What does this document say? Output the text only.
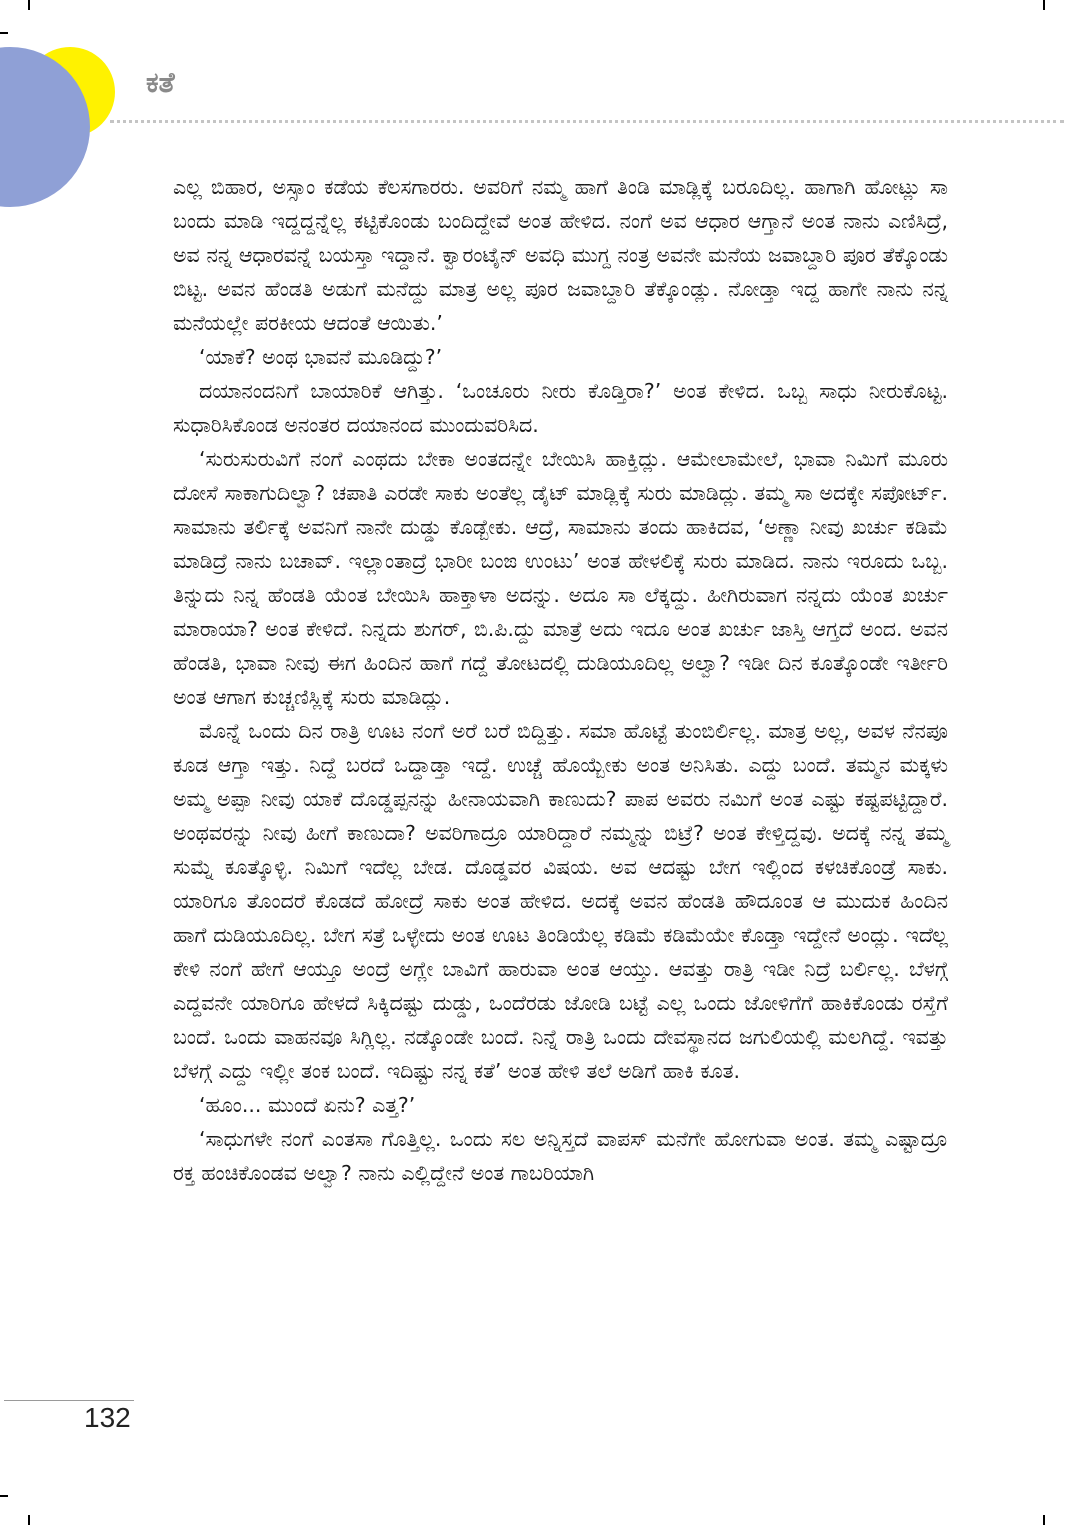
ಕತೆ

ಎಲ್ಲ ಬಿಹಾರ, ಅಸ್ಸಾಂ ಕಡೆಯ ಕೆಲಸಗಾರರು. ಅವರಿಗೆ ನಮ್ಮ ಹಾಗೆ ತಿಂಡಿ ಮಾಡ್ಲಿಕ್ಕೆ ಬರೂದಿಲ್ಲ. ಹಾಗಾಗಿ ಹೋಟ್ಲು ಸಾ ಬಂದು ಮಾಡಿ ಇದ್ದದ್ದನ್ನೆಲ್ಲ ಕಟ್ಟಿಕೊಂಡು ಬಂದಿದ್ದೇವೆ ಅಂತ ಹೇಳಿದ. ನಂಗೆ ಅವ ಆಧಾರ ಆಗ್ತಾನೆ ಅಂತ ನಾನು ಎಣಿಸಿದ್ರೆ, ಅವ ನನ್ನ ಆಧಾರವನ್ನೆ ಬಯಸ್ತಾ ಇದ್ದಾನೆ. ಕ್ವಾರಂಟೈನ್ ಅವಧಿ ಮುಗ್ದ ನಂತ್ರ ಅವನೇ ಮನೆಯ ಜವಾಬ್ದಾರಿ ಪೂರ ತೆಕ್ಕೊಂಡು ಬಿಟ್ಟ. ಅವನ ಹೆಂಡತಿ ಅಡುಗೆ ಮನೆದ್ದು ಮಾತ್ರ ಅಲ್ಲ ಪೂರ ಜವಾಬ್ದಾರಿ ತೆಕ್ಕೊಂಡ್ಲು. ನೋಡ್ತಾ ಇದ್ದ ಹಾಗೇ ನಾನು ನನ್ನ ಮನೆಯಲ್ಲೇ ಪರಕೀಯ ಆದಂತೆ ಆಯಿತು.’

‘ಯಾಕೆ? ಅಂಥ ಭಾವನೆ ಮೂಡಿದ್ದು?’

ದಯಾನಂದನಿಗೆ ಬಾಯಾರಿಕೆ ಆಗಿತ್ತು. ‘ಒಂಚೂರು ನೀರು ಕೊಡ್ತಿರಾ?’ ಅಂತ ಕೇಳಿದ. ಒಬ್ಬ ಸಾಧು ನೀರುಕೊಟ್ಟ. ಸುಧಾರಿಸಿಕೊಂಡ ಅನಂತರ ದಯಾನಂದ ಮುಂದುವರಿಸಿದ.

‘ಸುರುಸುರುವಿಗೆ ನಂಗೆ ಎಂಥದು ಬೇಕಾ ಅಂತದನ್ನೇ ಬೇಯಿಸಿ ಹಾಕ್ತಿದ್ಲು. ಆಮೇಲಾಮೇಲೆ, ಭಾವಾ ನಿಮಿಗೆ ಮೂರು ದೋಸೆ ಸಾಕಾಗುದಿಲ್ವಾ? ಚಪಾತಿ ಎರಡೇ ಸಾಕು ಅಂತೆಲ್ಲ ಡೈಟ್ ಮಾಡ್ಲಿಕ್ಕೆ ಸುರು ಮಾಡಿದ್ಲು. ತಮ್ಮ ಸಾ ಅದಕ್ಕೇ ಸಪೋರ್ಟ್. ಸಾಮಾನು ತರ್ಲಿಕ್ಕೆ ಅವನಿಗೆ ನಾನೇ ದುಡ್ಡು ಕೊಡ್ಬೇಕು. ಆದ್ರೆ, ಸಾಮಾನು ತಂದು ಹಾಕಿದವ, ‘ಅಣ್ಣಾ ನೀವು ಖರ್ಚು ಕಡಿಮೆ ಮಾಡಿದ್ರೆ ನಾನು ಬಚಾವ್. ಇಲ್ಲಾಂತಾದ್ರೆ ಭಾರೀ ಬಂಙ ಉಂಟು’ ಅಂತ ಹೇಳಲಿಕ್ಕೆ ಸುರು ಮಾಡಿದ. ನಾನು ಇರೂದು ಒಬ್ಬ. ತಿನ್ನುದು ನಿನ್ನ ಹೆಂಡತಿ ಯೆಂತ ಬೇಯಿಸಿ ಹಾಕ್ತಾಳಾ ಅದನ್ನು. ಅದೂ ಸಾ ಲೆಕ್ಕದ್ದು. ಹೀಗಿರುವಾಗ ನನ್ನದು ಯೆಂತ ಖರ್ಚು ಮಾರಾಯಾ? ಅಂತ ಕೇಳಿದೆ. ನಿನ್ನದು ಶುಗರ್, ಬಿ.ಪಿ.ದ್ದು ಮಾತ್ರೆ ಅದು ಇದೂ ಅಂತ ಖರ್ಚು ಜಾಸ್ತಿ ಆಗ್ತದೆ ಅಂದ. ಅವನ ಹೆಂಡತಿ, ಭಾವಾ ನೀವು ಈಗ ಹಿಂದಿನ ಹಾಗೆ ಗದ್ದೆ ತೋಟದಲ್ಲಿ ದುಡಿಯೂದಿಲ್ಲ ಅಲ್ವಾ? ಇಡೀ ದಿನ ಕೂತ್ಕೊಂಡೇ ಇರ್ತೀರಿ ಅಂತ ಆಗಾಗ ಕುಚ್ಚಣಿಸ್ಲಿಕ್ಕೆ ಸುರು ಮಾಡಿದ್ಲು.

ಮೊನ್ನೆ ಒಂದು ದಿನ ರಾತ್ರಿ ಊಟ ನಂಗೆ ಅರೆ ಬರೆ ಬಿದ್ದಿತ್ತು. ಸಮಾ ಹೊಟ್ಟೆ ತುಂಬಿರ್ಲಿಲ್ಲ. ಮಾತ್ರ ಅಲ್ಲ, ಅವಳ ನೆನಪೂ ಕೂಡ ಆಗ್ತಾ ಇತ್ತು. ನಿದ್ದೆ ಬರದೆ ಒದ್ದಾಡ್ತಾ ಇದ್ದೆ. ಉಚ್ಚೆ ಹೊಯ್ಬೇಕು ಅಂತ ಅನಿಸಿತು. ಎದ್ದು ಬಂದೆ. ತಮ್ಮನ ಮಕ್ಕಳು ಅಮ್ಮ ಅಪ್ಪಾ ನೀವು ಯಾಕೆ ದೊಡ್ಡಪ್ಪನನ್ನು ಹೀನಾಯವಾಗಿ ಕಾಣುದು? ಪಾಪ ಅವರು ನಮಿಗೆ ಅಂತ ಎಷ್ಟು ಕಷ್ಟಪಟ್ಟಿದ್ದಾರೆ. ಅಂಥವರನ್ನು ನೀವು ಹೀಗೆ ಕಾಣುದಾ? ಅವರಿಗಾದ್ರೂ ಯಾರಿದ್ದಾರೆ ನಮ್ಮನ್ನು ಬಿಟ್ರೆ? ಅಂತ ಕೇಳ್ತಿದ್ದವು. ಅದಕ್ಕೆ ನನ್ನ ತಮ್ಮ ಸುಮ್ನೆ ಕೂತ್ಕೊಳ್ಳಿ. ನಿಮಿಗೆ ಇದೆಲ್ಲ ಬೇಡ. ದೊಡ್ಡವರ ವಿಷಯ. ಅವ ಆದಷ್ಟು ಬೇಗ ಇಲ್ಲಿಂದ ಕಳಚಿಕೊಂಡ್ರೆ ಸಾಕು. ಯಾರಿಗೂ ತೊಂದರೆ ಕೊಡದೆ ಹೋದ್ರೆ ಸಾಕು ಅಂತ ಹೇಳಿದ. ಅದಕ್ಕೆ ಅವನ ಹೆಂಡತಿ ಹೌದೂಂತ ಆ ಮುದುಕ ಹಿಂದಿನ ಹಾಗೆ ದುಡಿಯೂದಿಲ್ಲ. ಬೇಗ ಸತ್ರೆ ಒಳ್ಳೇದು ಅಂತ ಊಟ ತಿಂಡಿಯೆಲ್ಲ ಕಡಿಮೆ ಕಡಿಮೆಯೇ ಕೊಡ್ತಾ ಇದ್ದೇನೆ ಅಂದ್ಲು. ಇದೆಲ್ಲ ಕೇಳಿ ನಂಗೆ ಹೇಗೆ ಆಯ್ತೂ ಅಂದ್ರೆ ಅಗ್ಲೇ ಬಾವಿಗೆ ಹಾರುವಾ ಅಂತ ಆಯ್ತು. ಆವತ್ತು ರಾತ್ರಿ ಇಡೀ ನಿದ್ರೆ ಬರ್ಲಿಲ್ಲ. ಬೆಳಗ್ಗೆ ಎದ್ದವನೇ ಯಾರಿಗೂ ಹೇಳದೆ ಸಿಕ್ಕಿದಷ್ಟು ದುಡ್ಡು, ಒಂದೆರಡು ಜೋಡಿ ಬಟ್ಟೆ ಎಲ್ಲ ಒಂದು ಜೋಳಿಗೆಗೆ ಹಾಕಿಕೊಂಡು ರಸ್ತೆಗೆ ಬಂದೆ. ಒಂದು ವಾಹನವೂ ಸಿಗ್ಲಿಲ್ಲ. ನಡ್ಕೊಂಡೇ ಬಂದೆ. ನಿನ್ನೆ ರಾತ್ರಿ ಒಂದು ದೇವಸ್ಥಾನದ ಜಗುಲಿಯಲ್ಲಿ ಮಲಗಿದ್ದೆ. ಇವತ್ತು ಬೆಳಗ್ಗೆ ಎದ್ದು ಇಲ್ಲೀ ತಂಕ ಬಂದೆ. ಇದಿಷ್ಟು ನನ್ನ ಕತೆ’ ಅಂತ ಹೇಳಿ ತಲೆ ಅಡಿಗೆ ಹಾಕಿ ಕೂತ.

‘ಹೂಂ... ಮುಂದೆ ಏನು? ಎತ್ತ?’

‘ಸಾಧುಗಳೇ ನಂಗೆ ಎಂತಸಾ ಗೊತ್ತಿಲ್ಲ. ಒಂದು ಸಲ ಅನ್ನಿಸ್ತದೆ ವಾಪಸ್ ಮನೆಗೇ ಹೋಗುವಾ ಅಂತ. ತಮ್ಮ ಎಷ್ಟಾದ್ರೂ ರಕ್ತ ಹಂಚಿಕೊಂಡವ ಅಲ್ವಾ? ನಾನು ಎಲ್ಲಿದ್ದೇನೆ ಅಂತ ಗಾಬರಿಯಾಗಿ

132
